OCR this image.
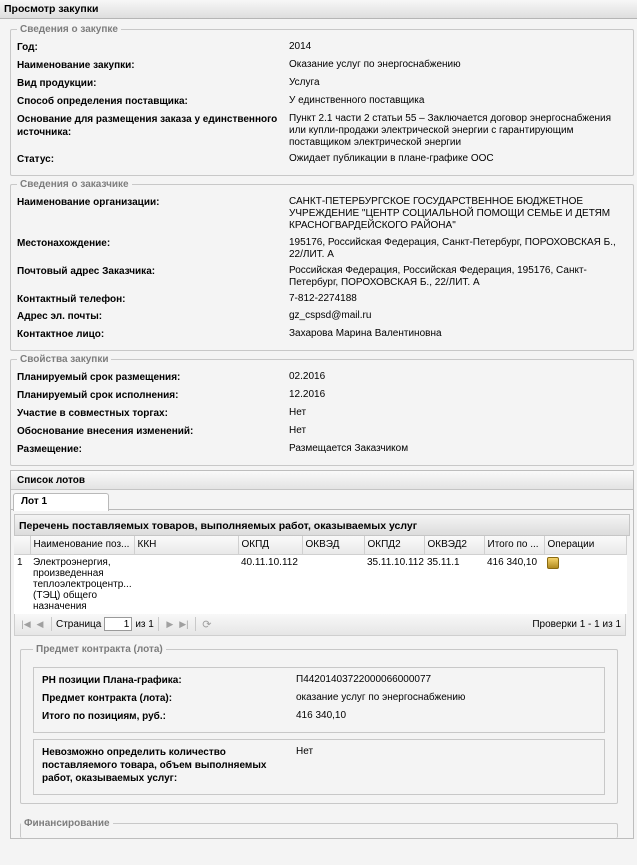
Просмотр закупки
Сведения о закупке
Год:	2014
Наименование закупки:	Оказание услуг по энергоснабжению
Вид продукции:	Услуга
Способ определения поставщика:	У единственного поставщика
Основание для размещения заказа у единственного источника:
Пункт 2.1 части 2 статьи 55 – Заключается договор энергоснабжения или купли-продажи электрической энергии с гарантирующим поставщиком электрической энергии
Статус:	Ожидает публикации в плане-графике ООС
Сведения о заказчике
Наименование организации:	САНКТ-ПЕТЕРБУРГСКОЕ ГОСУДАРСТВЕННОЕ БЮДЖЕТНОЕ УЧРЕЖДЕНИЕ "ЦЕНТР СОЦИАЛЬНОЙ ПОМОЩИ СЕМЬЕ И ДЕТЯМ КРАСНОГВАРДЕЙСКОГО РАЙОНА"
Местонахождение:	195176, Российская Федерация, Санкт-Петербург, ПОРОХОВСКАЯ Б., 22/ЛИТ. А
Почтовый адрес Заказчика:	Российская Федерация, Российская Федерация, 195176, Санкт-Петербург, ПОРОХОВСКАЯ Б., 22/ЛИТ. А
Контактный телефон:	7-812-2274188
Адрес эл. почты:	gz_cspsd@mail.ru
Контактное лицо:	Захарова Марина Валентиновна
Свойства закупки
Планируемый срок размещения:	02.2016
Планируемый срок исполнения:	12.2016
Участие в совместных торгах:	Нет
Обоснование внесения изменений:	Нет
Размещение:	Размещается Заказчиком
Список лотов
Лот 1
Перечень поставляемых товаров, выполняемых работ, оказываемых услуг
	Наименование поз...	ККН	ОКПД	ОКВЭД	ОКПД2	ОКВЭД2	Итого по ...	Операции
1	Электроэнергия, произведенная теплоэлектроцентр... (ТЭЦ) общего назначения		40.11.10.112		35.11.10.112	35.11.1	416 340,10	
|◀ ◀	Страница
1	из 1	▶ ▶| ⟳	Проверки 1 - 1 из 1
Предмет контракта (лота)
РН позиции Плана-графика:	П44201403722000066000077
Предмет контракта (лота):	оказание услуг по энергоснабжению
Итого по позициям, руб.:	416 340,10
Невозможно определить количество поставляемого товара, объем выполняемых работ, оказываемых услуг:
Нет
Финансирование
